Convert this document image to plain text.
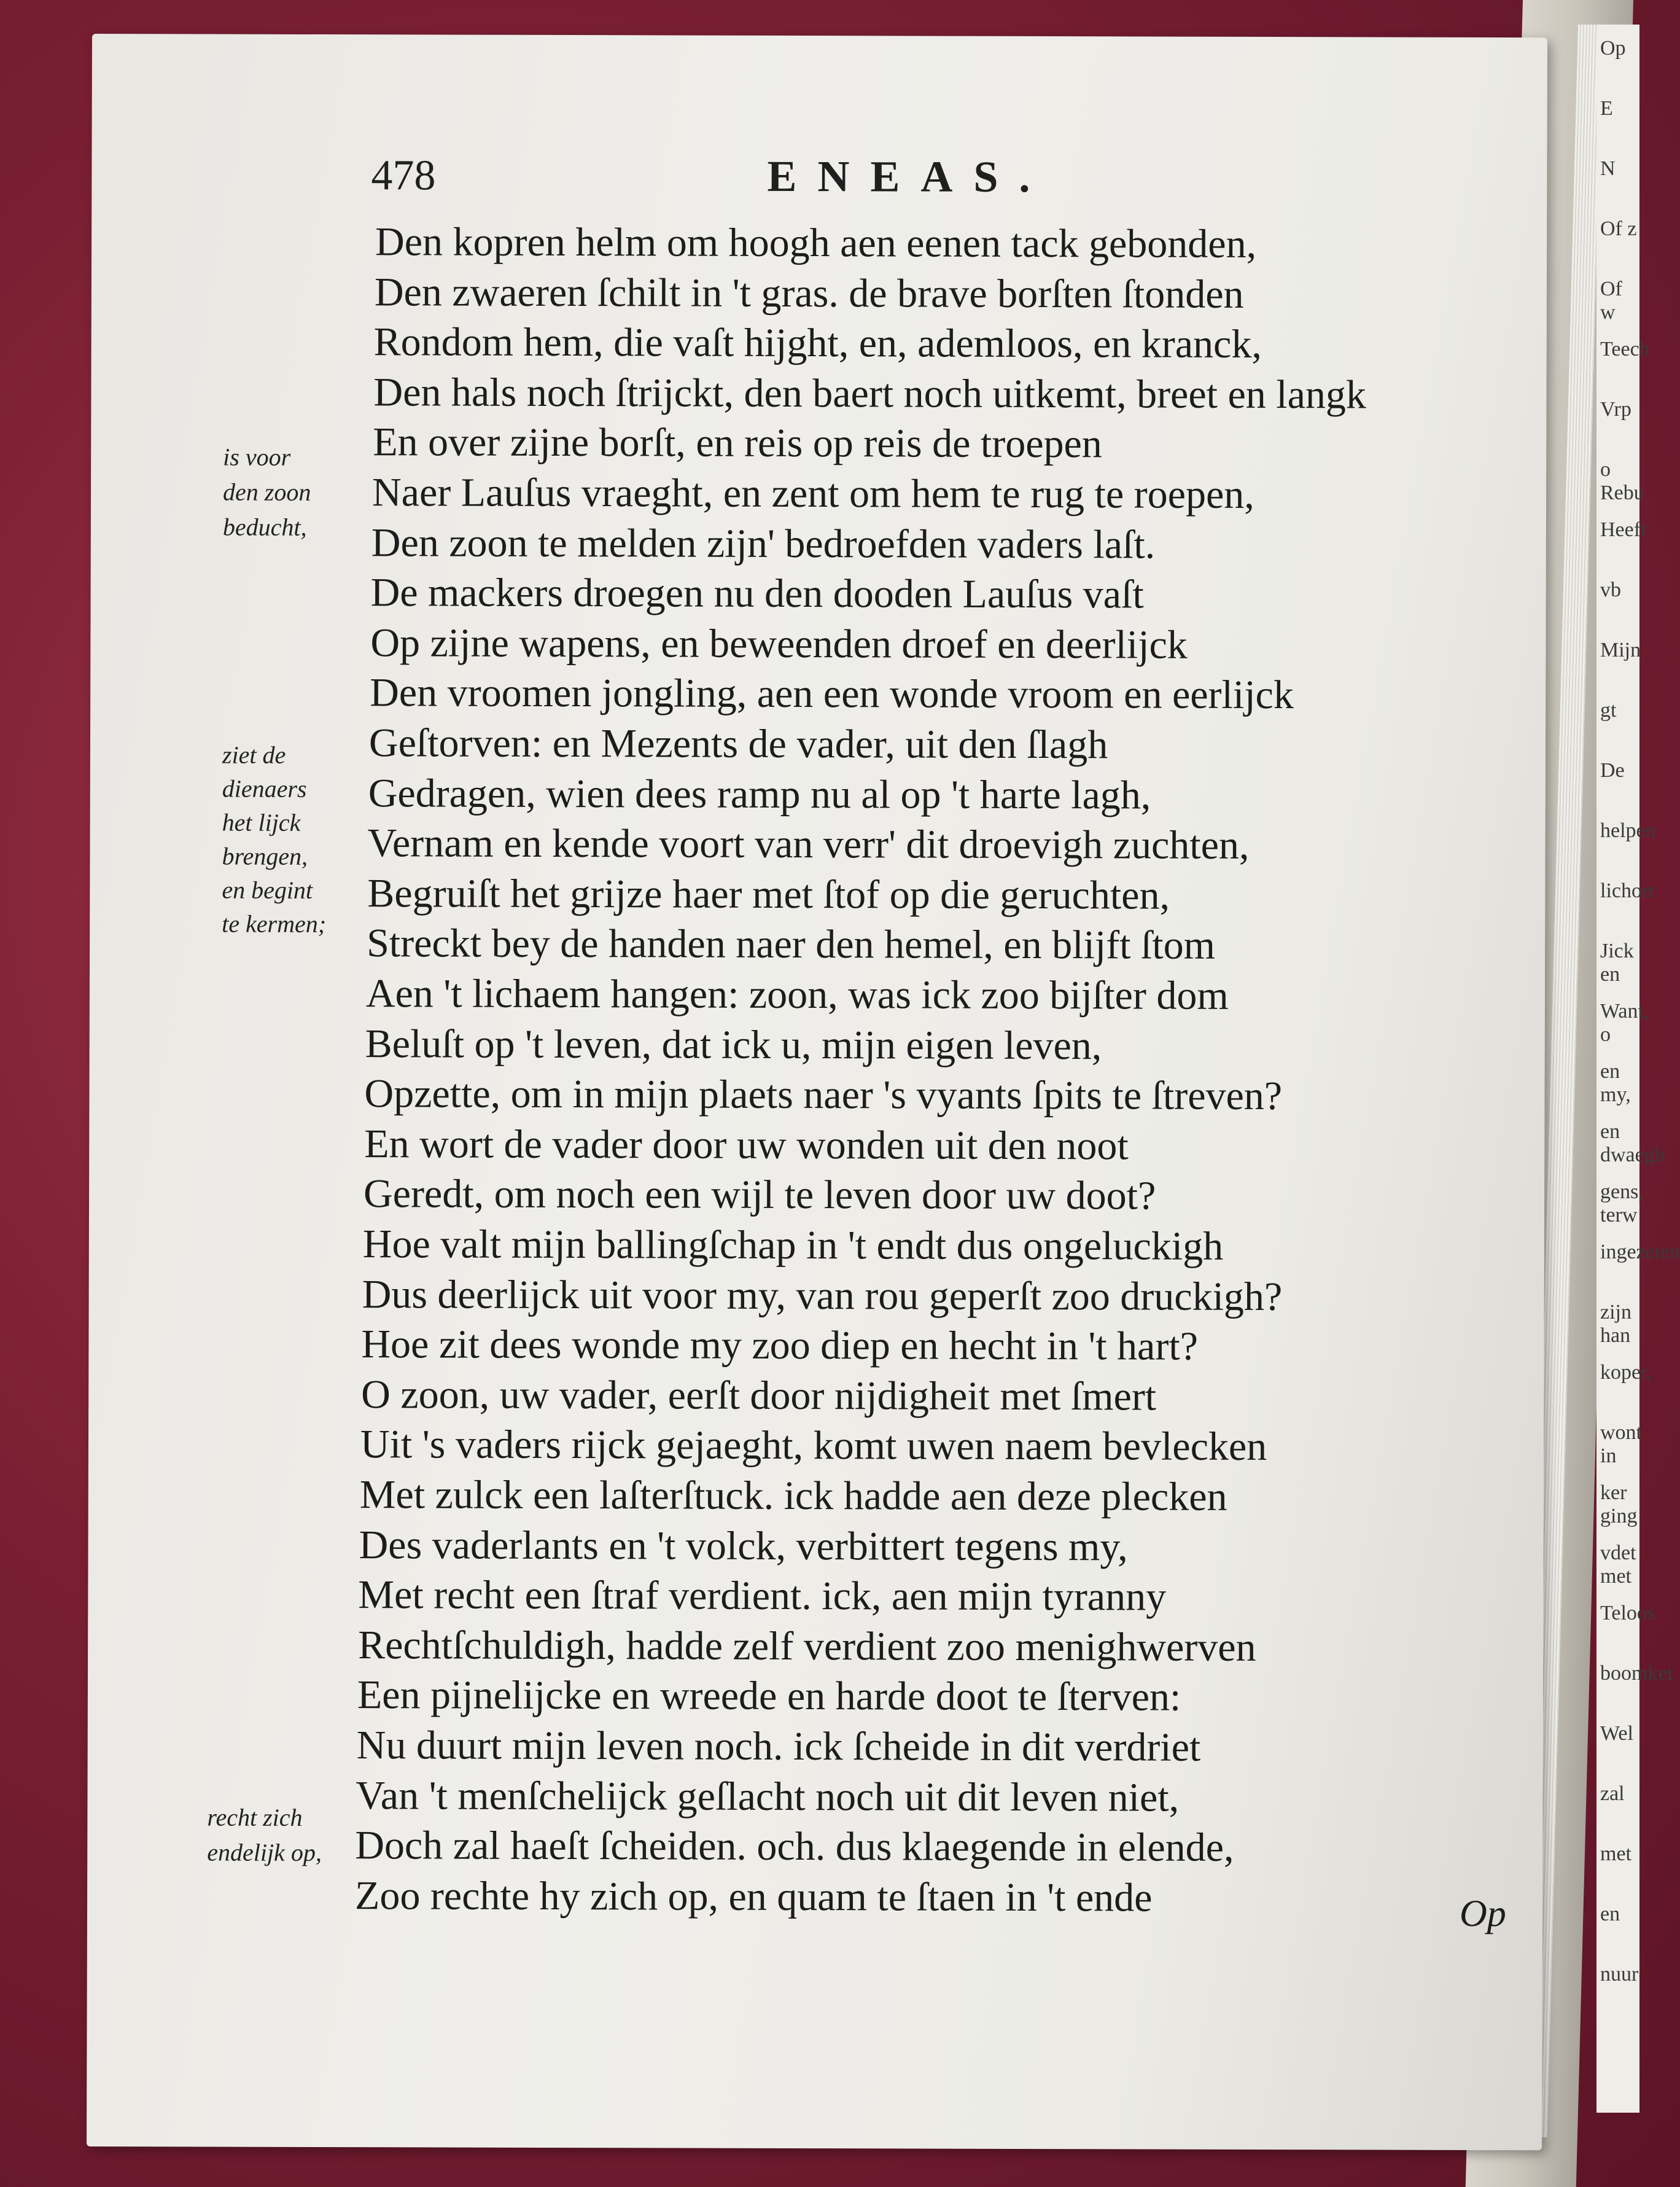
Op
E
N
Of z
Of w
Teech
Vrp
o Rebu
Heeft
vb
Mijn
gt
De
helpen
lichort
Jick en
Want, o
en my,
en dwaegh
gens, terw
ingezeten
zijn han
koper,
wont in
ker ging
vdet met
Teloos
boomket
Wel
zal
met
en
nuur
478	ENEAS.
Den kopren helm om hoogh aen eenen tack gebonden,
Den zwaeren ſchilt in 't gras. de brave borſten ſtonden
Rondom hem, die vaſt hijght, en, ademloos, en kranck,
Den hals noch ſtrijckt, den baert noch uitkemt, breet en langk
En over zijne borſt, en reis op reis de troepen
Naer Lauſus vraeght, en zent om hem te rug te roepen,
Den zoon te melden zijn' bedroefden vaders laſt.
De mackers droegen nu den dooden Lauſus vaſt
Op zijne wapens, en beweenden droef en deerlijck
Den vroomen jongling, aen een wonde vroom en eerlijck
Geſtorven: en Mezents de vader, uit den ſlagh
Gedragen, wien dees ramp nu al op 't harte lagh,
Vernam en kende voort van verr' dit droevigh zuchten,
Begruiſt het grijze haer met ſtof op die geruchten,
Streckt bey de handen naer den hemel, en blijft ſtom
Aen 't lichaem hangen: zoon, was ick zoo bijſter dom
Beluſt op 't leven, dat ick u, mijn eigen leven,
Opzette, om in mijn plaets naer 's vyants ſpits te ſtreven?
En wort de vader door uw wonden uit den noot
Geredt, om noch een wijl te leven door uw doot?
Hoe valt mijn ballingſchap in 't endt dus ongeluckigh
Dus deerlijck uit voor my, van rou geperſt zoo druckigh?
Hoe zit dees wonde my zoo diep en hecht in 't hart?
O zoon, uw vader, eerſt door nijdigheit met ſmert
Uit 's vaders rijck gejaeght, komt uwen naem bevlecken
Met zulck een laſterſtuck. ick hadde aen deze plecken
Des vaderlants en 't volck, verbittert tegens my,
Met recht een ſtraf verdient. ick, aen mijn tyranny
Rechtſchuldigh, hadde zelf verdient zoo menighwerven
Een pijnelijcke en wreede en harde doot te ſterven:
Nu duurt mijn leven noch. ick ſcheide in dit verdriet
Van 't menſchelijck geſlacht noch uit dit leven niet,
Doch zal haeſt ſcheiden. och. dus klaegende in elende,
Zoo rechte hy zich op, en quam te ſtaen in 't ende
is voor
den zoon
beducht,
ziet de
dienaers
het lijck
brengen,
en begint
te kermen;
recht zich
endelijk op,
Op
